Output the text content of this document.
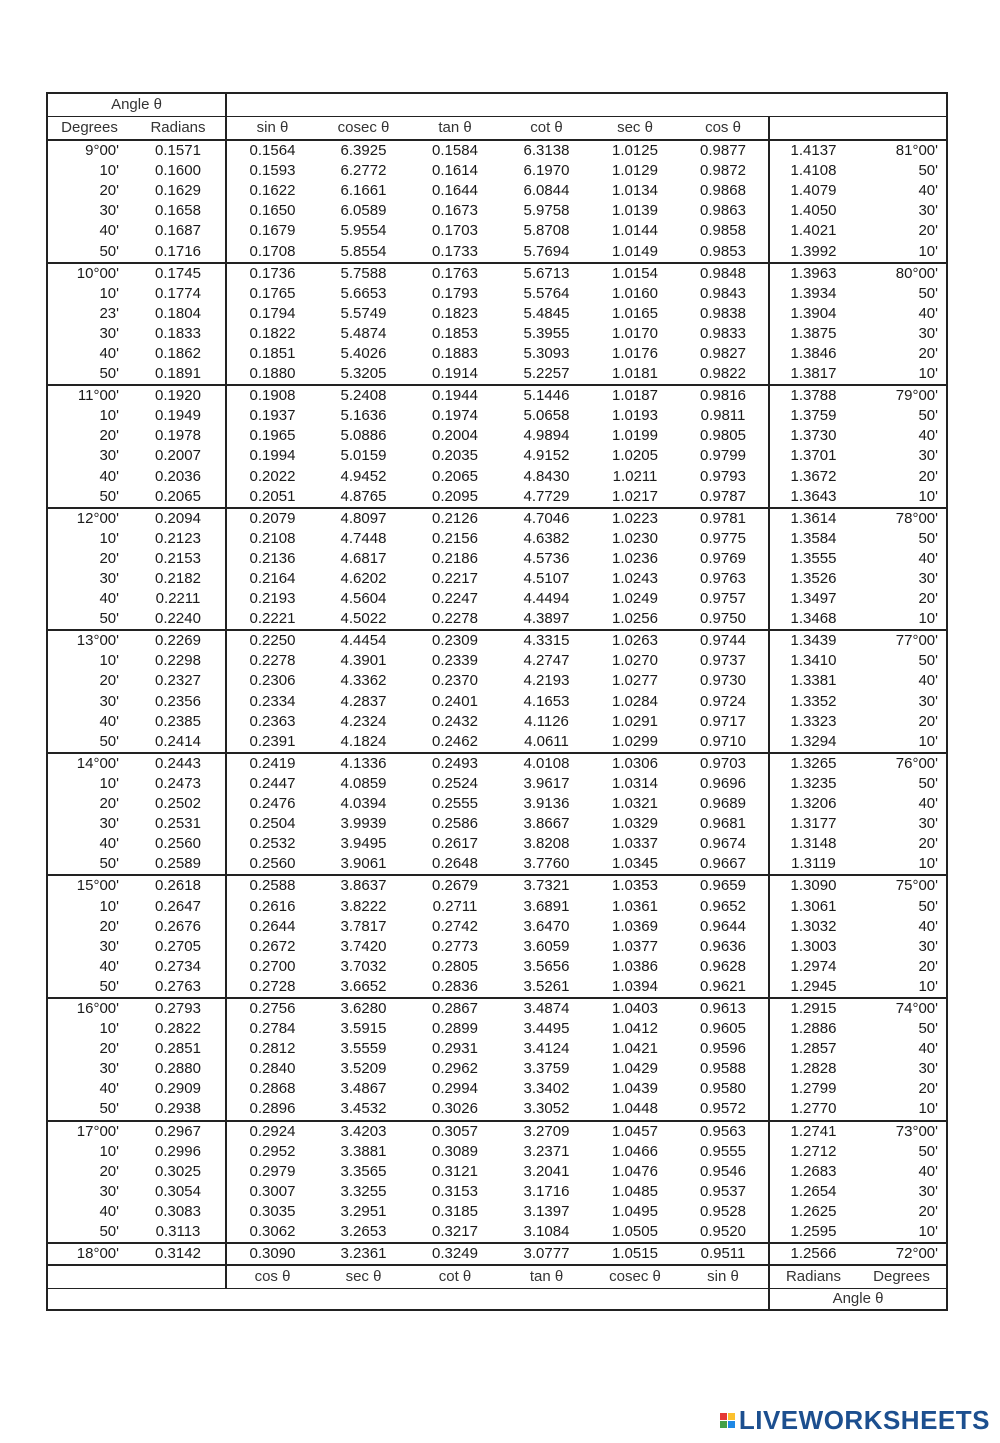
Angle θ									
Degrees	Radians	sin θ	cosec θ	tan θ	cot θ	sec θ	cos θ		
9°00'	0.1571	0.1564	6.3925	0.1584	6.3138	1.0125	0.9877	1.4137	81°00'
10'	0.1600	0.1593	6.2772	0.1614	6.1970	1.0129	0.9872	1.4108	50'
20'	0.1629	0.1622	6.1661	0.1644	6.0844	1.0134	0.9868	1.4079	40'
30'	0.1658	0.1650	6.0589	0.1673	5.9758	1.0139	0.9863	1.4050	30'
40'	0.1687	0.1679	5.9554	0.1703	5.8708	1.0144	0.9858	1.4021	20'
50'	0.1716	0.1708	5.8554	0.1733	5.7694	1.0149	0.9853	1.3992	10'
10°00'	0.1745	0.1736	5.7588	0.1763	5.6713	1.0154	0.9848	1.3963	80°00'
10'	0.1774	0.1765	5.6653	0.1793	5.5764	1.0160	0.9843	1.3934	50'
23'	0.1804	0.1794	5.5749	0.1823	5.4845	1.0165	0.9838	1.3904	40'
30'	0.1833	0.1822	5.4874	0.1853	5.3955	1.0170	0.9833	1.3875	30'
40'	0.1862	0.1851	5.4026	0.1883	5.3093	1.0176	0.9827	1.3846	20'
50'	0.1891	0.1880	5.3205	0.1914	5.2257	1.0181	0.9822	1.3817	10'
11°00'	0.1920	0.1908	5.2408	0.1944	5.1446	1.0187	0.9816	1.3788	79°00'
10'	0.1949	0.1937	5.1636	0.1974	5.0658	1.0193	0.9811	1.3759	50'
20'	0.1978	0.1965	5.0886	0.2004	4.9894	1.0199	0.9805	1.3730	40'
30'	0.2007	0.1994	5.0159	0.2035	4.9152	1.0205	0.9799	1.3701	30'
40'	0.2036	0.2022	4.9452	0.2065	4.8430	1.0211	0.9793	1.3672	20'
50'	0.2065	0.2051	4.8765	0.2095	4.7729	1.0217	0.9787	1.3643	10'
12°00'	0.2094	0.2079	4.8097	0.2126	4.7046	1.0223	0.9781	1.3614	78°00'
10'	0.2123	0.2108	4.7448	0.2156	4.6382	1.0230	0.9775	1.3584	50'
20'	0.2153	0.2136	4.6817	0.2186	4.5736	1.0236	0.9769	1.3555	40'
30'	0.2182	0.2164	4.6202	0.2217	4.5107	1.0243	0.9763	1.3526	30'
40'	0.2211	0.2193	4.5604	0.2247	4.4494	1.0249	0.9757	1.3497	20'
50'	0.2240	0.2221	4.5022	0.2278	4.3897	1.0256	0.9750	1.3468	10'
13°00'	0.2269	0.2250	4.4454	0.2309	4.3315	1.0263	0.9744	1.3439	77°00'
10'	0.2298	0.2278	4.3901	0.2339	4.2747	1.0270	0.9737	1.3410	50'
20'	0.2327	0.2306	4.3362	0.2370	4.2193	1.0277	0.9730	1.3381	40'
30'	0.2356	0.2334	4.2837	0.2401	4.1653	1.0284	0.9724	1.3352	30'
40'	0.2385	0.2363	4.2324	0.2432	4.1126	1.0291	0.9717	1.3323	20'
50'	0.2414	0.2391	4.1824	0.2462	4.0611	1.0299	0.9710	1.3294	10'
14°00'	0.2443	0.2419	4.1336	0.2493	4.0108	1.0306	0.9703	1.3265	76°00'
10'	0.2473	0.2447	4.0859	0.2524	3.9617	1.0314	0.9696	1.3235	50'
20'	0.2502	0.2476	4.0394	0.2555	3.9136	1.0321	0.9689	1.3206	40'
30'	0.2531	0.2504	3.9939	0.2586	3.8667	1.0329	0.9681	1.3177	30'
40'	0.2560	0.2532	3.9495	0.2617	3.8208	1.0337	0.9674	1.3148	20'
50'	0.2589	0.2560	3.9061	0.2648	3.7760	1.0345	0.9667	1.3119	10'
15°00'	0.2618	0.2588	3.8637	0.2679	3.7321	1.0353	0.9659	1.3090	75°00'
10'	0.2647	0.2616	3.8222	0.2711	3.6891	1.0361	0.9652	1.3061	50'
20'	0.2676	0.2644	3.7817	0.2742	3.6470	1.0369	0.9644	1.3032	40'
30'	0.2705	0.2672	3.7420	0.2773	3.6059	1.0377	0.9636	1.3003	30'
40'	0.2734	0.2700	3.7032	0.2805	3.5656	1.0386	0.9628	1.2974	20'
50'	0.2763	0.2728	3.6652	0.2836	3.5261	1.0394	0.9621	1.2945	10'
16°00'	0.2793	0.2756	3.6280	0.2867	3.4874	1.0403	0.9613	1.2915	74°00'
10'	0.2822	0.2784	3.5915	0.2899	3.4495	1.0412	0.9605	1.2886	50'
20'	0.2851	0.2812	3.5559	0.2931	3.4124	1.0421	0.9596	1.2857	40'
30'	0.2880	0.2840	3.5209	0.2962	3.3759	1.0429	0.9588	1.2828	30'
40'	0.2909	0.2868	3.4867	0.2994	3.3402	1.0439	0.9580	1.2799	20'
50'	0.2938	0.2896	3.4532	0.3026	3.3052	1.0448	0.9572	1.2770	10'
17°00'	0.2967	0.2924	3.4203	0.3057	3.2709	1.0457	0.9563	1.2741	73°00'
10'	0.2996	0.2952	3.3881	0.3089	3.2371	1.0466	0.9555	1.2712	50'
20'	0.3025	0.2979	3.3565	0.3121	3.2041	1.0476	0.9546	1.2683	40'
30'	0.3054	0.3007	3.3255	0.3153	3.1716	1.0485	0.9537	1.2654	30'
40'	0.3083	0.3035	3.2951	0.3185	3.1397	1.0495	0.9528	1.2625	20'
50'	0.3113	0.3062	3.2653	0.3217	3.1084	1.0505	0.9520	1.2595	10'
18°00'	0.3142	0.3090	3.2361	0.3249	3.0777	1.0515	0.9511	1.2566	72°00'
		cos θ	sec θ	cot θ	tan θ	cosec θ	sin θ	Radians	Degrees
								Angle θ	
LIVEWORKSHEETS
